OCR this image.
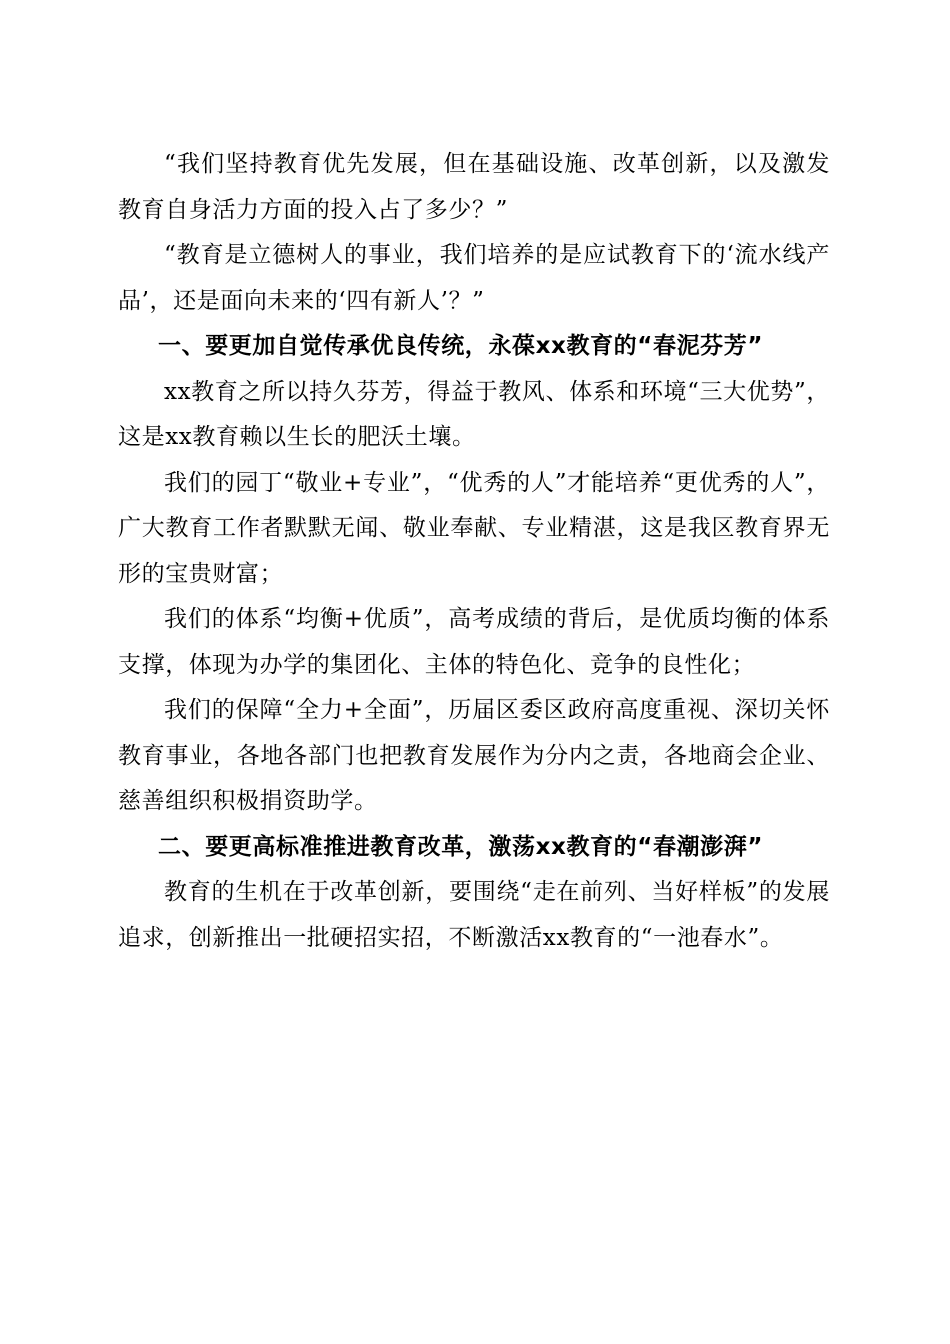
“我们坚持教育优先发展，但在基础设施、改革创新，以及激发教育自身活力方面的投入占了多少？”

“教育是立德树人的事业，我们培养的是应试教育下的‘流水线产品’，还是面向未来的‘四有新人’？”

一、要更加自觉传承优良传统，永葆xx教育的“春泥芬芳”

xx教育之所以持久芬芳，得益于教风、体系和环境“三大优势”，这是xx教育赖以生长的肥沃土壤。

我们的园丁“敬业+专业”，“优秀的人”才能培养“更优秀的人”，广大教育工作者默默无闻、敬业奉献、专业精湛，这是我区教育界无形的宝贵财富；

我们的体系“均衡+优质”，高考成绩的背后，是优质均衡的体系支撑，体现为办学的集团化、主体的特色化、竞争的良性化；

我们的保障“全力+全面”，历届区委区政府高度重视、深切关怀教育事业，各地各部门也把教育发展作为分内之责，各地商会企业、慈善组织积极捐资助学。

二、要更高标准推进教育改革，激荡xx教育的“春潮澎湃”

教育的生机在于改革创新，要围绕“走在前列、当好样板”的发展追求，创新推出一批硬招实招，不断激活xx教育的“一池春水”。
